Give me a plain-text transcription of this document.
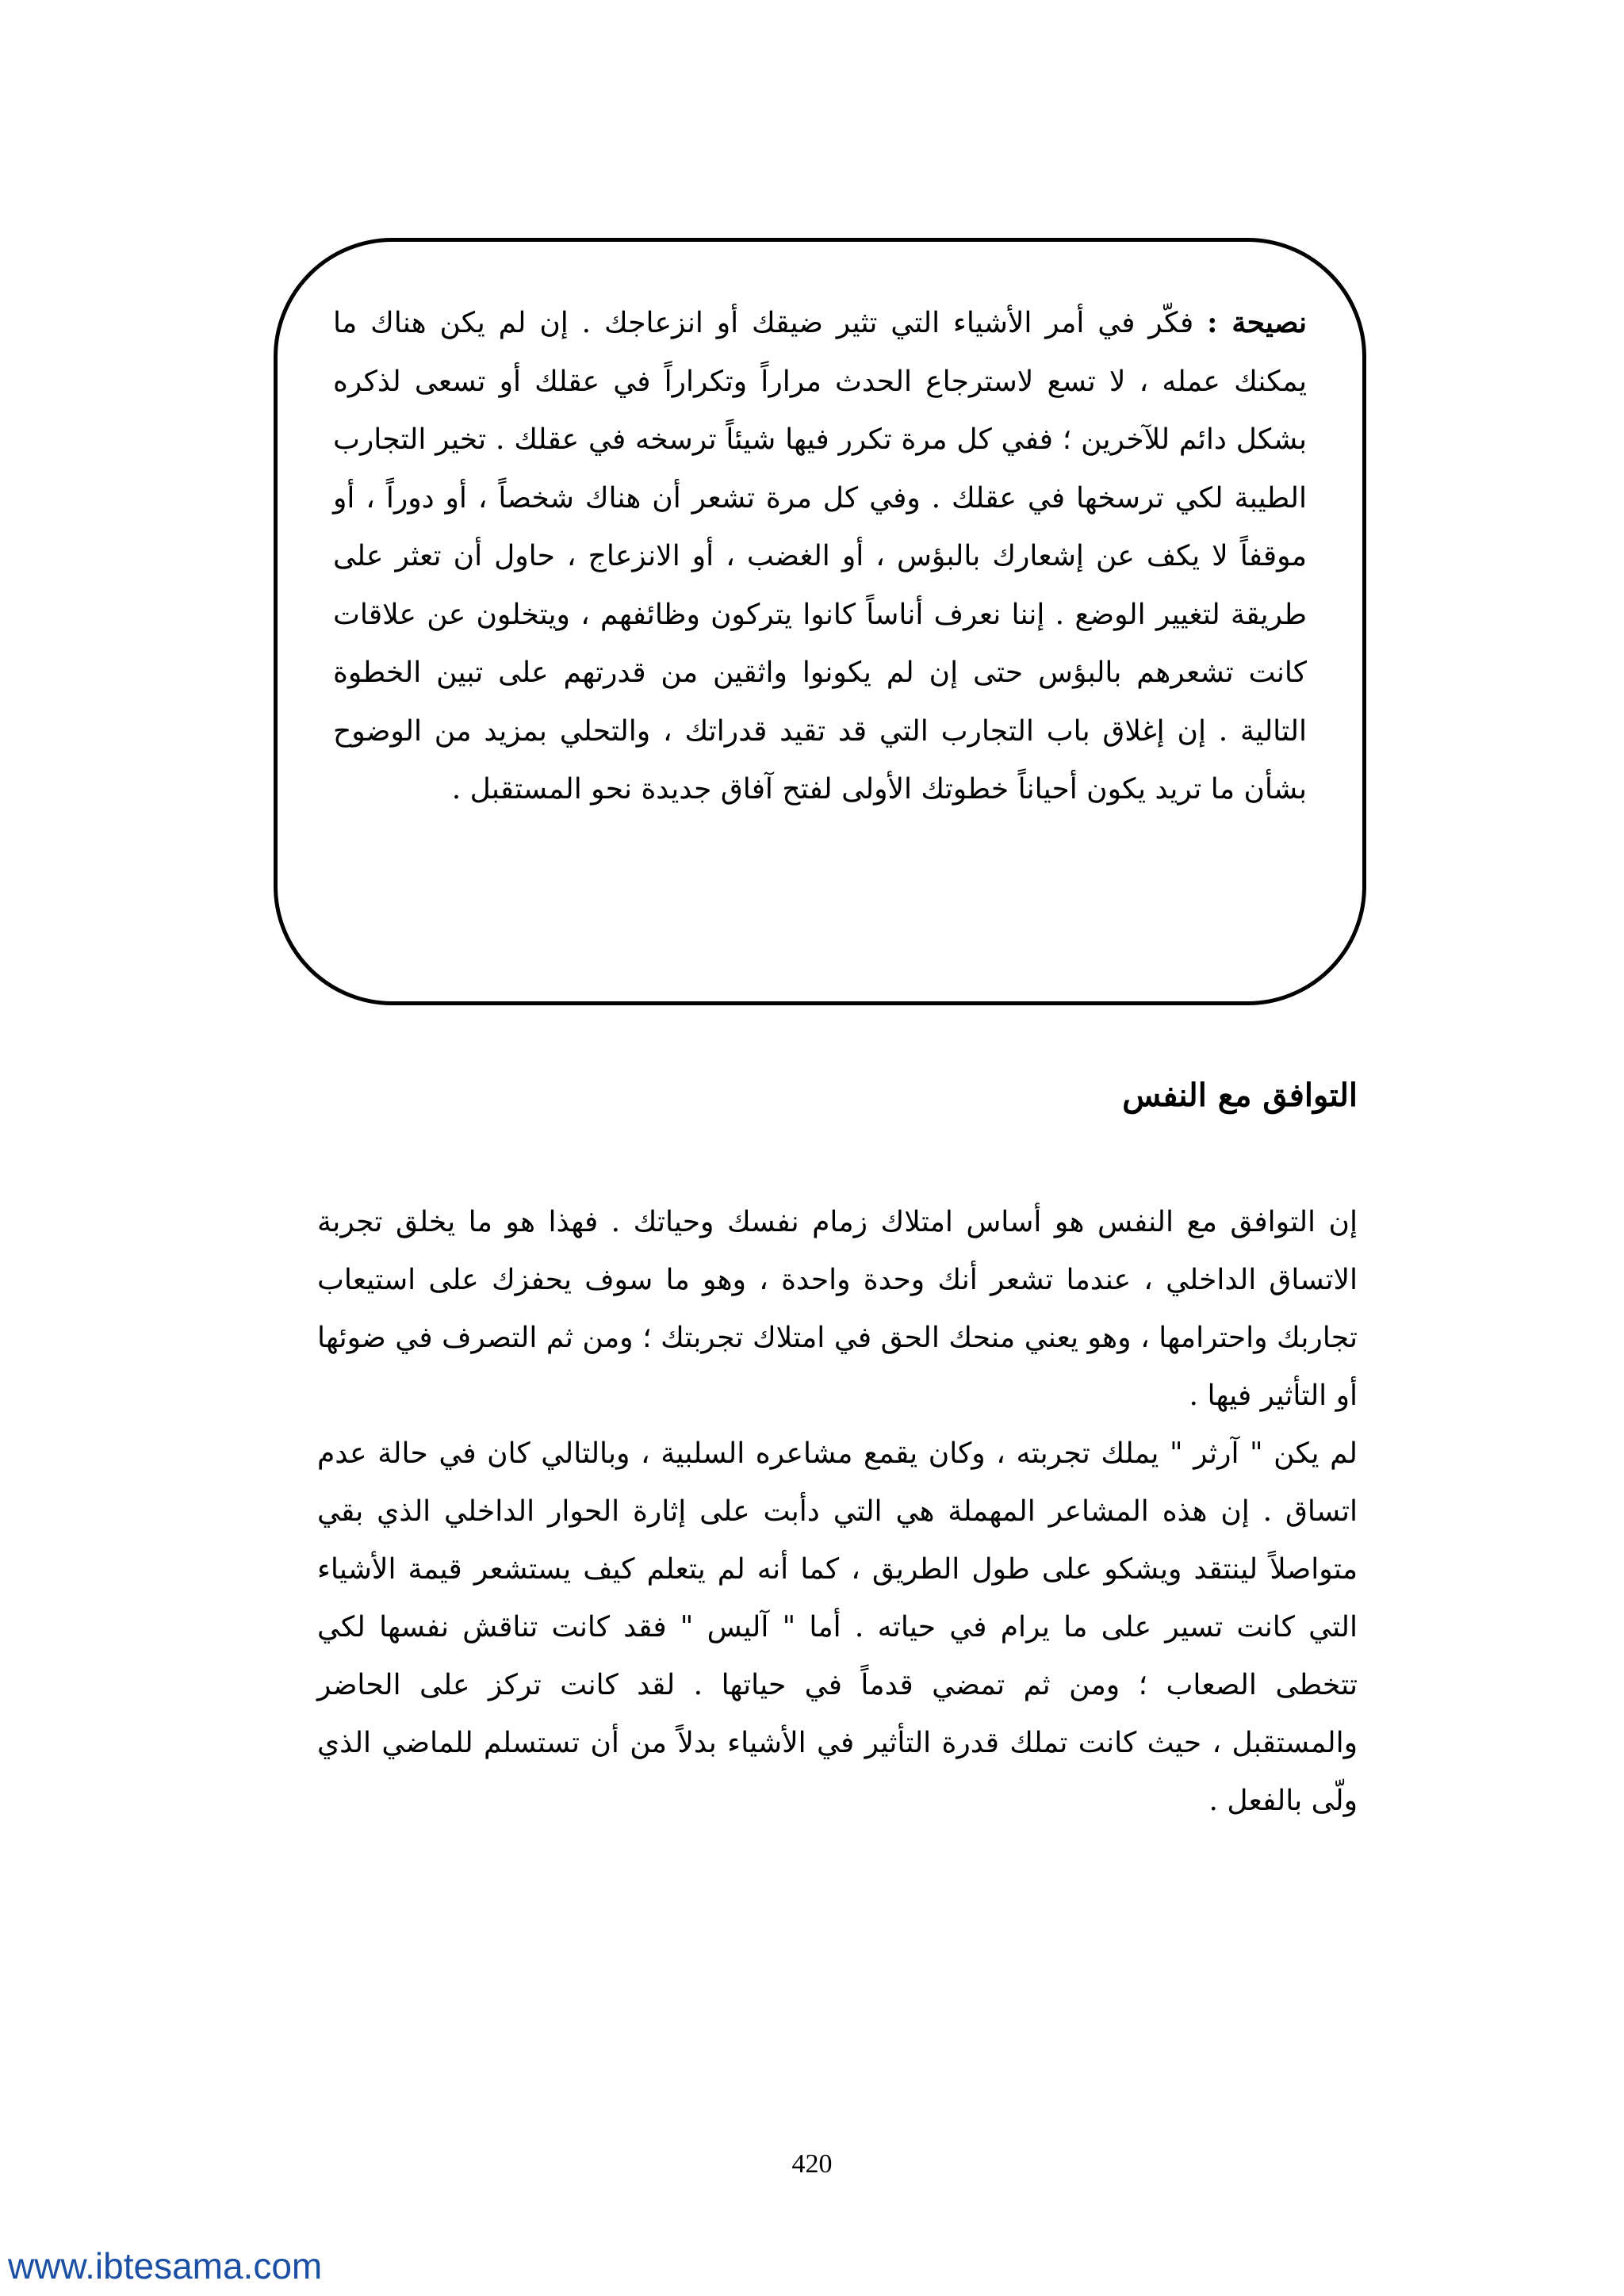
نصيحة : فكّر في أمر الأشياء التي تثير ضيقك أو انزعاجك . إن لم يكن هناك ما يمكنك عمله ، لا تسع لاسترجاع الحدث مراراً وتكراراً في عقلك أو تسعى لذكره بشكل دائم للآخرين ؛ ففي كل مرة تكرر فيها شيئاً ترسخه في عقلك . تخير التجارب الطيبة لكي ترسخها في عقلك . وفي كل مرة تشعر أن هناك شخصاً ، أو دوراً ، أو موقفاً لا يكف عن إشعارك بالبؤس ، أو الغضب ، أو الانزعاج ، حاول أن تعثر على طريقة لتغيير الوضع . إننا نعرف أناساً كانوا يتركون وظائفهم ، ويتخلون عن علاقات كانت تشعرهم بالبؤس حتى إن لم يكونوا واثقين من قدرتهم على تبين الخطوة التالية . إن إغلاق باب التجارب التي قد تقيد قدراتك ، والتحلي بمزيد من الوضوح بشأن ما تريد يكون أحياناً خطوتك الأولى لفتح آفاق جديدة نحو المستقبل .
التوافق مع النفس

إن التوافق مع النفس هو أساس امتلاك زمام نفسك وحياتك . فهذا هو ما يخلق تجربة الاتساق الداخلي ، عندما تشعر أنك وحدة واحدة ، وهو ما سوف يحفزك على استيعاب تجاربك واحترامها ، وهو يعني منحك الحق في امتلاك تجربتك ؛ ومن ثم التصرف في ضوئها أو التأثير فيها .

لم يكن " آرثر " يملك تجربته ، وكان يقمع مشاعره السلبية ، وبالتالي كان في حالة عدم اتساق . إن هذه المشاعر المهملة هي التي دأبت على إثارة الحوار الداخلي الذي بقي متواصلاً لينتقد ويشكو على طول الطريق ، كما أنه لم يتعلم كيف يستشعر قيمة الأشياء التي كانت تسير على ما يرام في حياته . أما " آليس " فقد كانت تناقش نفسها لكي تتخطى الصعاب ؛ ومن ثم تمضي قدماً في حياتها . لقد كانت تركز على الحاضر والمستقبل ، حيث كانت تملك قدرة التأثير في الأشياء بدلاً من أن تستسلم للماضي الذي ولّى بالفعل .

420
www.ibtesama.com
